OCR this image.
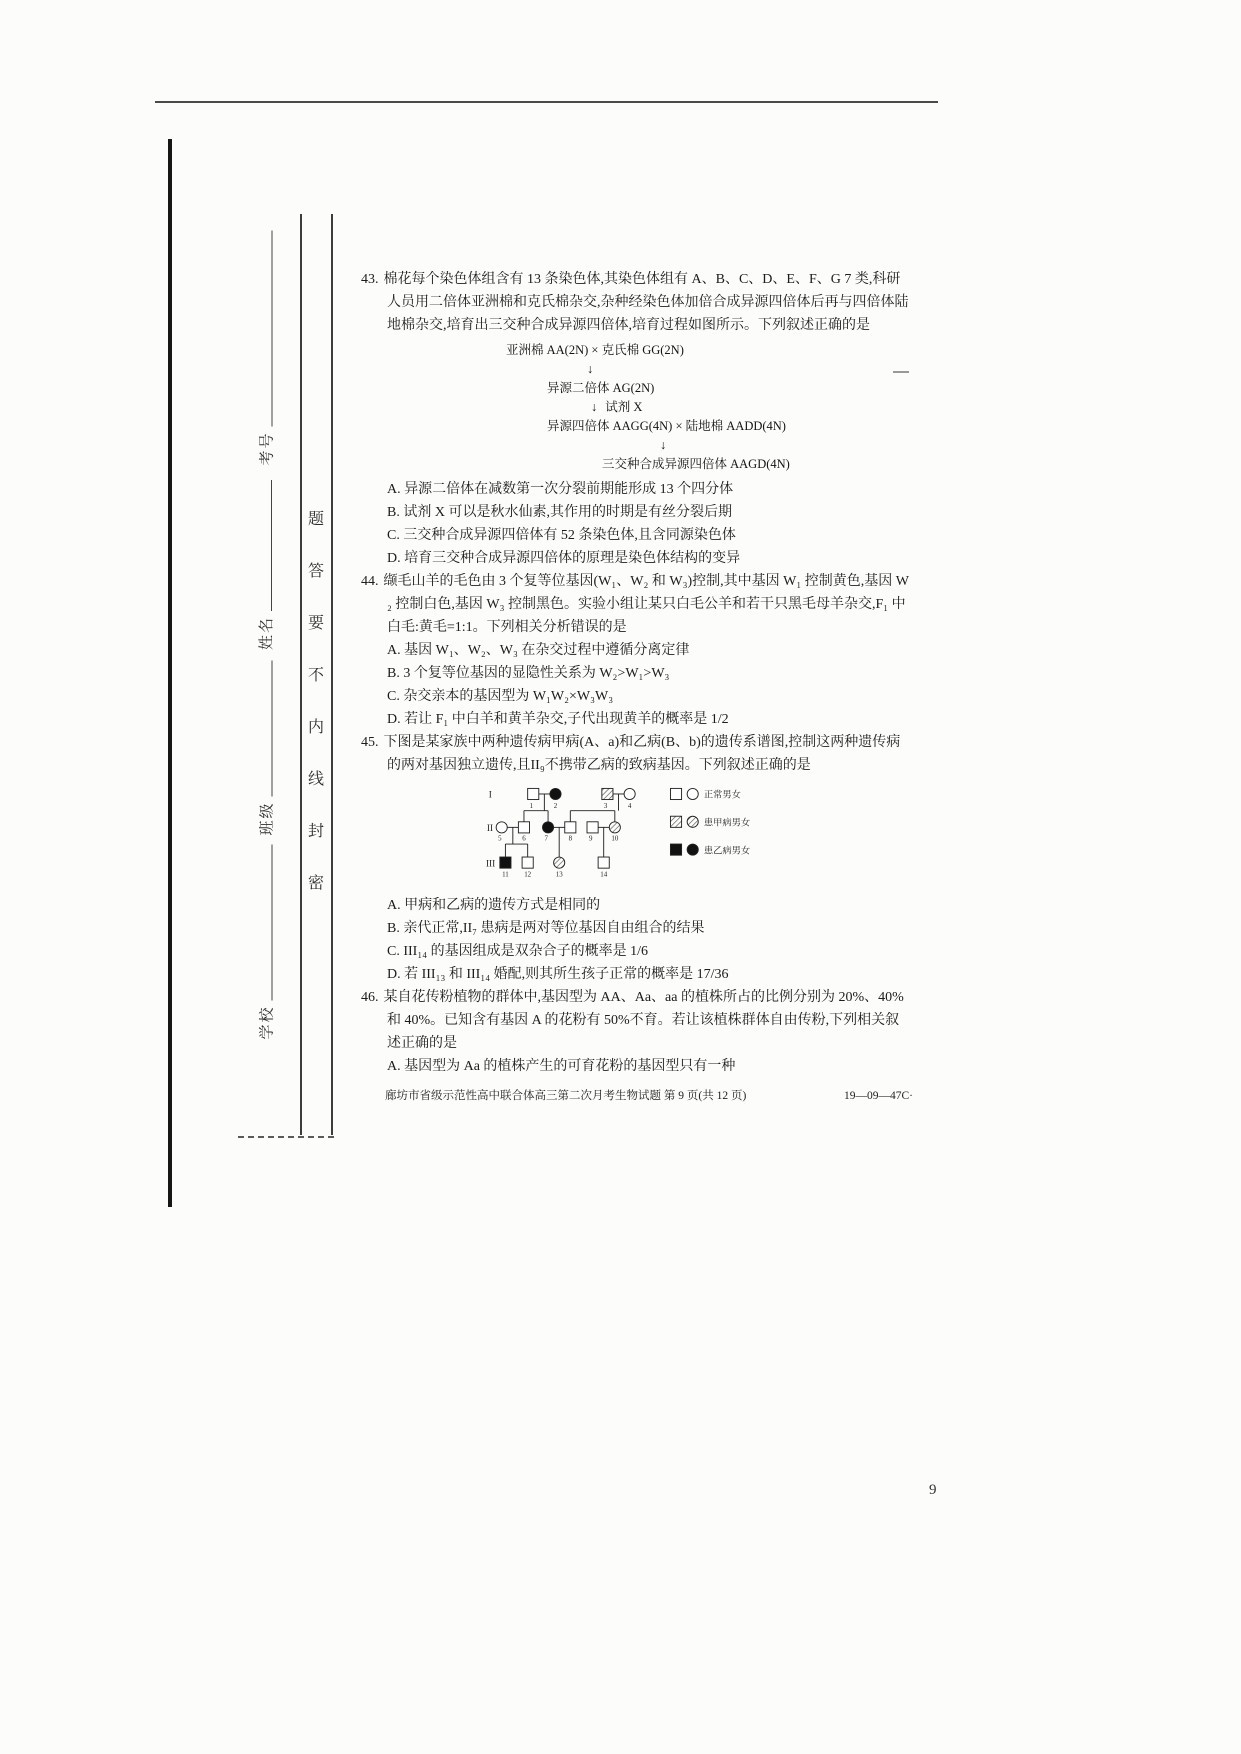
题
答
要
不
内
线
封
密
考号
姓名
班级
学校

43. 棉花每个染色体组含有 13 条染色体,其染色体组有 A、B、C、D、E、F、G 7 类,科研人员用二倍体亚洲棉和克氏棉杂交,杂种经染色体加倍合成异源四倍体后再与四倍体陆地棉杂交,培育出三交种合成异源四倍体,培育过程如图所示。下列叙述正确的是

亚洲棉 AA(2N) × 克氏棉 GG(2N)
↓
异源二倍体 AG(2N)
↓ 试剂 X
异源四倍体 AAGG(4N) × 陆地棉 AADD(4N)
↓
三交种合成异源四倍体 AAGD(4N)

A. 异源二倍体在减数第一次分裂前期能形成 13 个四分体

B. 试剂 X 可以是秋水仙素,其作用的时期是有丝分裂后期

C. 三交种合成异源四倍体有 52 条染色体,且含同源染色体

D. 培育三交种合成异源四倍体的原理是染色体结构的变异

44. 缬毛山羊的毛色由 3 个复等位基因(W₁、W₂ 和 W₃)控制,其中基因 W₁ 控制黄色,基因 W₂ 控制白色,基因 W₃ 控制黑色。实验小组让某只白毛公羊和若干只黑毛母羊杂交,F₁ 中白毛:黄毛=1:1。下列相关分析错误的是

A. 基因 W₁、W₂、W₃ 在杂交过程中遵循分离定律

B. 3 个复等位基因的显隐性关系为 W₂>W₁>W₃

C. 杂交亲本的基因型为 W₁W₂×W₃W₃

D. 若让 F₁ 中白羊和黄羊杂交,子代出现黄羊的概率是 1/2

45. 下图是某家族中两种遗传病甲病(A、a)和乙病(B、b)的遗传系谱图,控制这两种遗传病的两对基因独立遗传,且II₉不携带乙病的致病基因。下列叙述正确的是

I
II
III
1	2	3	4
5	6	7	8 9	10
11 12	13	14
正常男女
患甲病男女
患乙病男女

A. 甲病和乙病的遗传方式是相同的

B. 亲代正常,II₇ 患病是两对等位基因自由组合的结果

C. III₁₄ 的基因组成是双杂合子的概率是 1/6

D. 若 III₁₃ 和 III₁₄ 婚配,则其所生孩子正常的概率是 17/36

46. 某自花传粉植物的群体中,基因型为 AA、Aa、aa 的植株所占的比例分别为 20%、40%和 40%。已知含有基因 A 的花粉有 50%不育。若让该植株群体自由传粉,下列相关叙述正确的是

A. 基因型为 Aa 的植株产生的可育花粉的基因型只有一种

廊坊市省级示范性高中联合体高三第二次月考生物试题 第 9 页(共 12 页)	19—09—47C·
9
